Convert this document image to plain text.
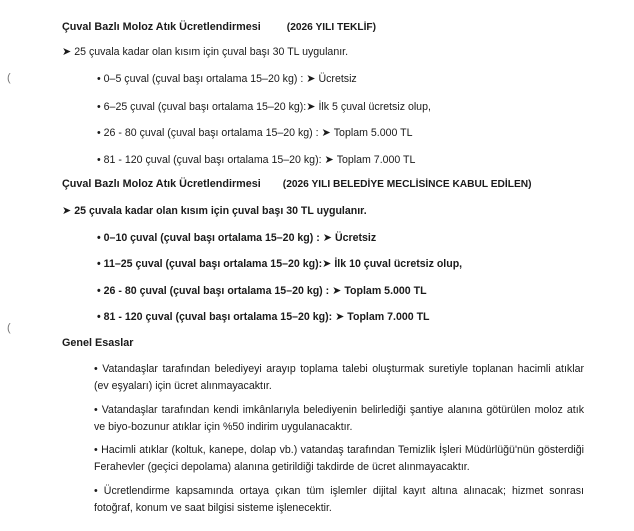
(
(
Çuval Bazlı Moloz Atık Ücretlendirmesi	(2026 YILI TEKLİF)
➤ 25 çuvala kadar olan kısım için çuval başı 30 TL uygulanır.
• 0–5 çuval (çuval başı ortalama 15–20 kg) : ➤ Ücretsiz
• 6–25 çuval (çuval başı ortalama 15–20 kg):➤ İlk 5 çuval ücretsiz olup,
• 26 - 80 çuval (çuval başı ortalama 15–20 kg) : ➤ Toplam 5.000 TL
• 81 - 120 çuval (çuval başı ortalama 15–20 kg): ➤ Toplam 7.000 TL
Çuval Bazlı Moloz Atık Ücretlendirmesi (2026 YILI BELEDİYE MECLİSİNCE KABUL EDİLEN)
➤ 25 çuvala kadar olan kısım için çuval başı 30 TL uygulanır.
• 0–10 çuval (çuval başı ortalama 15–20 kg) : ➤ Ücretsiz
• 11–25 çuval (çuval başı ortalama 15–20 kg):➤ İlk 10 çuval ücretsiz olup,
• 26 - 80 çuval (çuval başı ortalama 15–20 kg) : ➤ Toplam 5.000 TL
• 81 - 120 çuval (çuval başı ortalama 15–20 kg): ➤ Toplam 7.000 TL
Genel Esaslar
• Vatandaşlar tarafından belediyeyi arayıp toplama talebi oluşturmak suretiyle toplanan hacimli atıklar (ev eşyaları) için ücret alınmayacaktır.
• Vatandaşlar tarafından kendi imkânlarıyla belediyenin belirlediği şantiye alanına götürülen moloz atık ve biyo-bozunur atıklar için %50 indirim uygulanacaktır.
• Hacimli atıklar (koltuk, kanepe, dolap vb.) vatandaş tarafından Temizlik İşleri Müdürlüğü'nün gösterdiği Ferahevler (geçici depolama) alanına getirildiği takdirde de ücret alınmayacaktır.
• Ücretlendirme kapsamında ortaya çıkan tüm işlemler dijital kayıt altına alınacak; hizmet sonrası fotoğraf, konum ve saat bilgisi sisteme işlenecektir.
